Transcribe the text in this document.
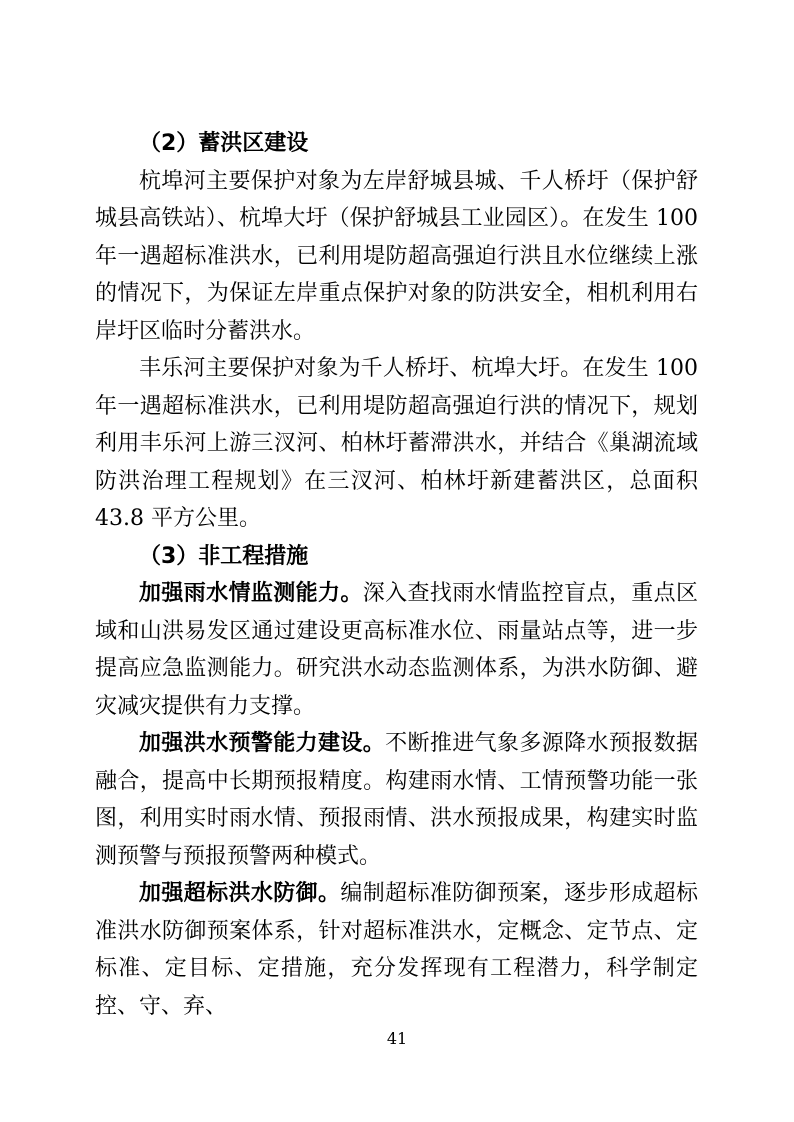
（2）蓄洪区建设

杭埠河主要保护对象为左岸舒城县城、千人桥圩（保护舒城县高铁站）、杭埠大圩（保护舒城县工业园区）。在发生 100 年一遇超标准洪水，已利用堤防超高强迫行洪且水位继续上涨的情况下，为保证左岸重点保护对象的防洪安全，相机利用右岸圩区临时分蓄洪水。

丰乐河主要保护对象为千人桥圩、杭埠大圩。在发生 100 年一遇超标准洪水，已利用堤防超高强迫行洪的情况下，规划利用丰乐河上游三汊河、柏林圩蓄滞洪水，并结合《巢湖流域防洪治理工程规划》在三汊河、柏林圩新建蓄洪区，总面积 43.8 平方公里。

（3）非工程措施

加强雨水情监测能力。深入查找雨水情监控盲点，重点区域和山洪易发区通过建设更高标准水位、雨量站点等，进一步提高应急监测能力。研究洪水动态监测体系，为洪水防御、避灾减灾提供有力支撑。

加强洪水预警能力建设。不断推进气象多源降水预报数据融合，提高中长期预报精度。构建雨水情、工情预警功能一张图，利用实时雨水情、预报雨情、洪水预报成果，构建实时监测预警与预报预警两种模式。

加强超标洪水防御。编制超标准防御预案，逐步形成超标准洪水防御预案体系，针对超标准洪水，定概念、定节点、定标准、定目标、定措施，充分发挥现有工程潜力，科学制定控、守、弃、

41
